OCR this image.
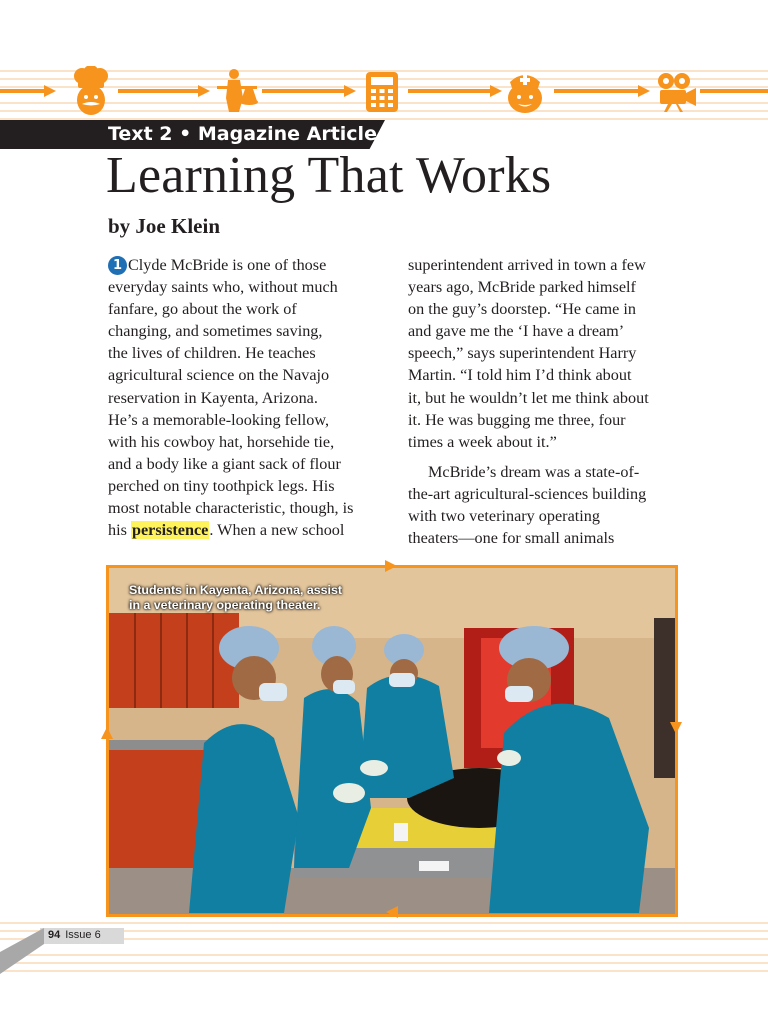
Text 2 • Magazine Article
Learning That Works

by Joe Klein

1 Clyde McBride is one of those
everyday saints who, without much
fanfare, go about the work of
changing, and sometimes saving,
the lives of children. He teaches
agricultural science on the Navajo
reservation in Kayenta, Arizona.
He’s a memorable-looking fellow,
with his cowboy hat, horsehide tie,
and a body like a giant sack of flour
perched on tiny toothpick legs. His
most notable characteristic, though, is
his persistence. When a new school
superintendent arrived in town a few
years ago, McBride parked himself
on the guy’s doorstep. “He came in
and gave me the ‘I have a dream’
speech,” says superintendent Harry
Martin. “I told him I’d think about
it, but he wouldn’t let me think about
it. He was bugging me three, four
times a week about it.”
McBride’s dream was a state-of-
the-art agricultural-sciences building
with two veterinary operating
theaters—one for small animals
Students in Kayenta, Arizona, assist
in a veterinary operating theater.
94 Issue 6
